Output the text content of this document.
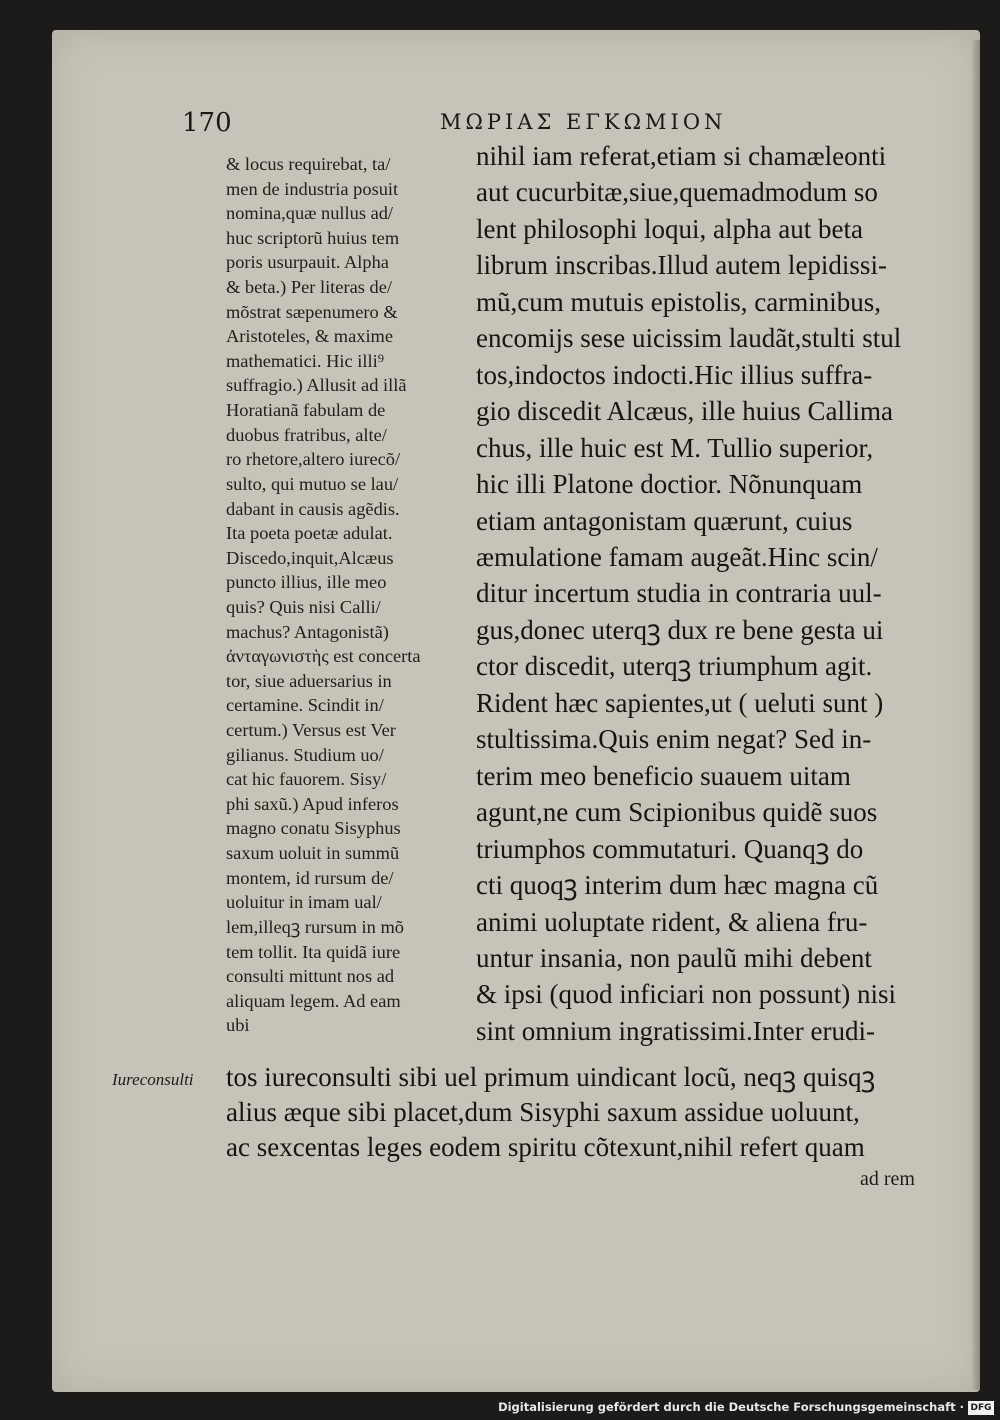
170	ΜΩΡΙΑΣ ΕΓΚΩΜΙΟΝ
& locus requirebat, ta/
men de industria posuit
nomina,quæ nullus ad/
huc scriptorũ huius tem
poris usurpauit. Alpha
& beta.) Per literas de/
mõstrat sæpenumero &
Aristoteles, & maxime
mathematici. Hic illi⁹
suffragio.) Allusit ad illã
Horatianã fabulam de
duobus fratribus, alte/
ro rhetore,altero iurecõ/
sulto, qui mutuo se lau/
dabant in causis agẽdis.
Ita poeta poetæ adulat.
Discedo,inquit,Alcæus
puncto illius, ille meo
quis? Quis nisi Calli/
machus? Antagonistã)
ἀνταγωνιστὴς est concerta
tor, siue aduersarius in
certamine. Scindit in/
certum.) Versus est Ver
gilianus. Studium uo/
cat hic fauorem. Sisy/
phi saxũ.) Apud inferos
magno conatu Sisyphus
saxum uoluit in summũ
montem, id rursum de/
uoluitur in imam ual/
lem,illeqꝫ rursum in mõ
tem tollit. Ita quidã iure
consulti mittunt nos ad
aliquam legem. Ad eam
ubi
nihil iam referat,etiam si chamæleonti
aut cucurbitæ,siue,quemadmodum so
lent philosophi loqui, alpha aut beta
librum inscribas.Illud autem lepidissi-
mũ,cum mutuis epistolis, carminibus,
encomijs sese uicissim laudãt,stulti stul
tos,indoctos indocti.Hic illius suffra-
gio discedit Alcæus, ille huius Callima
chus, ille huic est M. Tullio superior,
hic illi Platone doctior. Nõnunquam
etiam antagonistam quærunt, cuius
æmulatione famam augeãt.Hinc scin/
ditur incertum studia in contraria uul-
gus,donec uterqꝫ dux re bene gesta ui
ctor discedit, uterqꝫ triumphum agit.
Rident hæc sapientes,ut ( ueluti sunt )
stultissima.Quis enim negat? Sed in-
terim meo beneficio suauem uitam
agunt,ne cum Scipionibus quidẽ suos
triumphos commutaturi. Quanqꝫ do
cti quoqꝫ interim dum hæc magna cũ
animi uoluptate rident, & aliena fru-
untur insania, non paulũ mihi debent
& ipsi (quod inficiari non possunt) nisi
sint omnium ingratissimi.Inter erudi-
tos iureconsulti sibi uel primum uindicant locũ, neqꝫ quisqꝫ
alius æque sibi placet,dum Sisyphi saxum assidue uoluunt,
ac sexcentas leges eodem spiritu cõtexunt,nihil refert quam
Iureconsulti
ad rem
Digitalisierung gefördert durch die Deutsche Forschungsgemeinschaft · DFG
